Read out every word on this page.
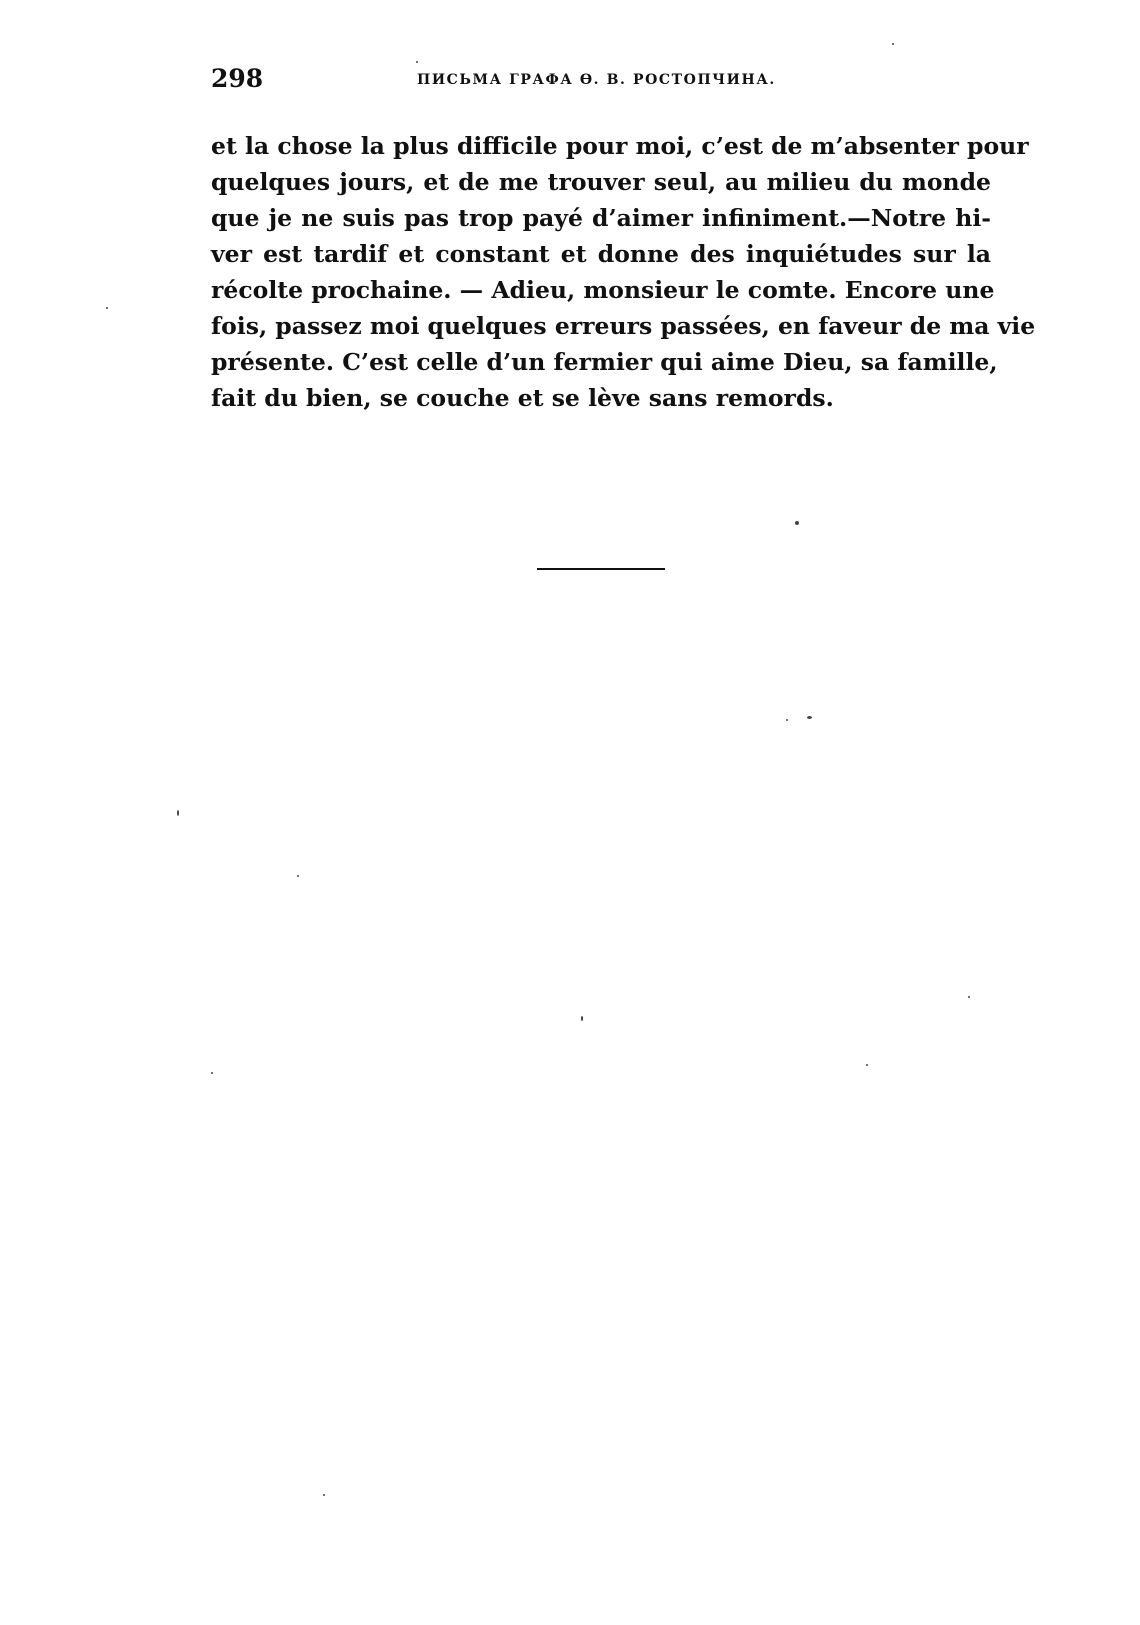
298	ПИСЬМА ГРАФА Ө. В. РОСТОПЧИНА.
et la chose la plus difficile pour moi, c’est de m’absenter pour
quelques jours, et de me trouver seul, au milieu du monde
que je ne suis pas trop payé d’aimer infiniment.—Notre hi-
ver est tardif et constant et donne des inquiétudes sur la
récolte prochaine. — Adieu, monsieur le comte. Encore une
fois, passez moi quelques erreurs passées, en faveur de ma vie
présente. C’est celle d’un fermier qui aime Dieu, sa famille,
fait du bien, se couche et se lève sans remords.
